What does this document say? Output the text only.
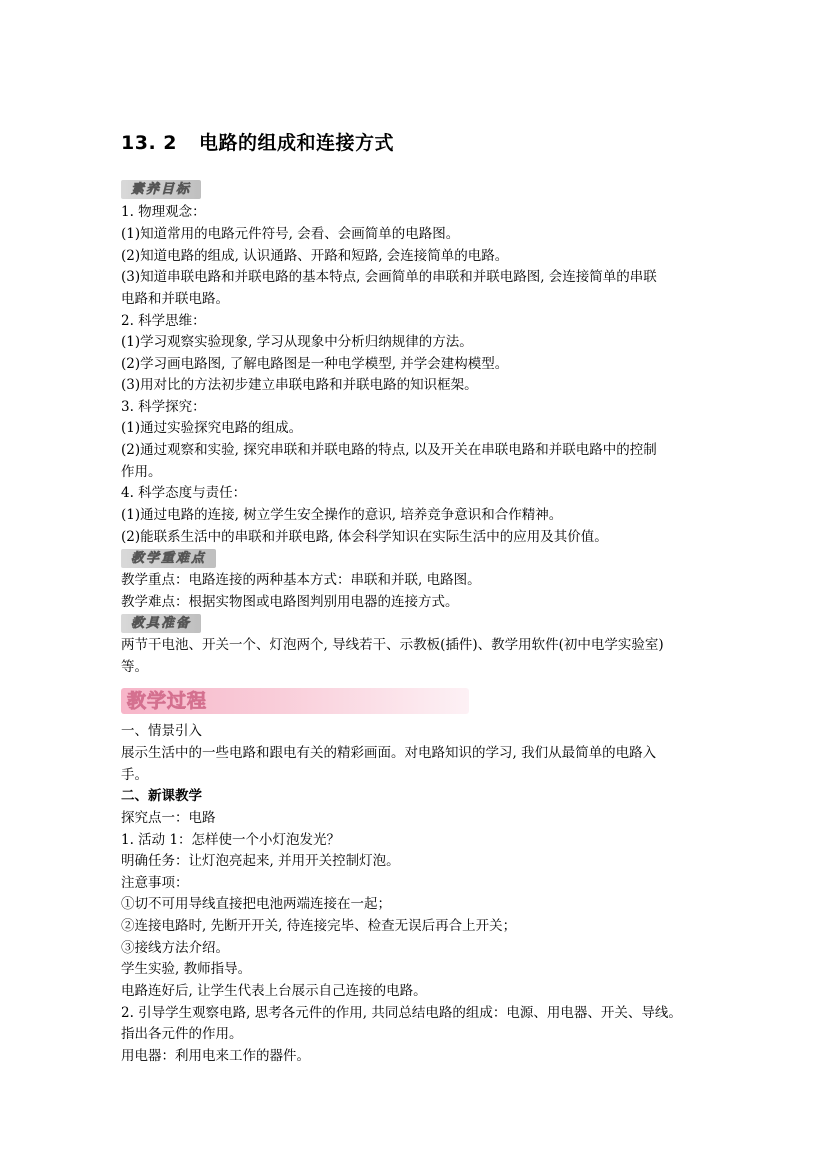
13. 2 电路的组成和连接方式
素养目标
1. 物理观念：
(1)知道常用的电路元件符号, 会看、会画简单的电路图。
(2)知道电路的组成, 认识通路、开路和短路, 会连接简单的电路。
(3)知道串联电路和并联电路的基本特点, 会画简单的串联和并联电路图, 会连接简单的串联
电路和并联电路。
2. 科学思维：
(1)学习观察实验现象, 学习从现象中分析归纳规律的方法。
(2)学习画电路图, 了解电路图是一种电学模型, 并学会建构模型。
(3)用对比的方法初步建立串联电路和并联电路的知识框架。
3. 科学探究：
(1)通过实验探究电路的组成。
(2)通过观察和实验, 探究串联和并联电路的特点, 以及开关在串联电路和并联电路中的控制
作用。
4. 科学态度与责任：
(1)通过电路的连接, 树立学生安全操作的意识, 培养竞争意识和合作精神。
(2)能联系生活中的串联和并联电路, 体会科学知识在实际生活中的应用及其价值。
教学重难点
教学重点：电路连接的两种基本方式：串联和并联, 电路图。
教学难点：根据实物图或电路图判别用电器的连接方式。
教具准备
两节干电池、开关一个、灯泡两个, 导线若干、示教板(插件)、教学用软件(初中电学实验室)
等。
教学过程
一、情景引入
展示生活中的一些电路和跟电有关的精彩画面。对电路知识的学习, 我们从最简单的电路入
手。
二、新课教学
探究点一：电路
1. 活动 1：怎样使一个小灯泡发光？
明确任务：让灯泡亮起来, 并用开关控制灯泡。
注意事项：
①切不可用导线直接把电池两端连接在一起；
②连接电路时, 先断开开关, 待连接完毕、检查无误后再合上开关；
③接线方法介绍。
学生实验, 教师指导。
电路连好后, 让学生代表上台展示自己连接的电路。
2. 引导学生观察电路, 思考各元件的作用, 共同总结电路的组成：电源、用电器、开关、导线。
指出各元件的作用。
用电器：利用电来工作的器件。
